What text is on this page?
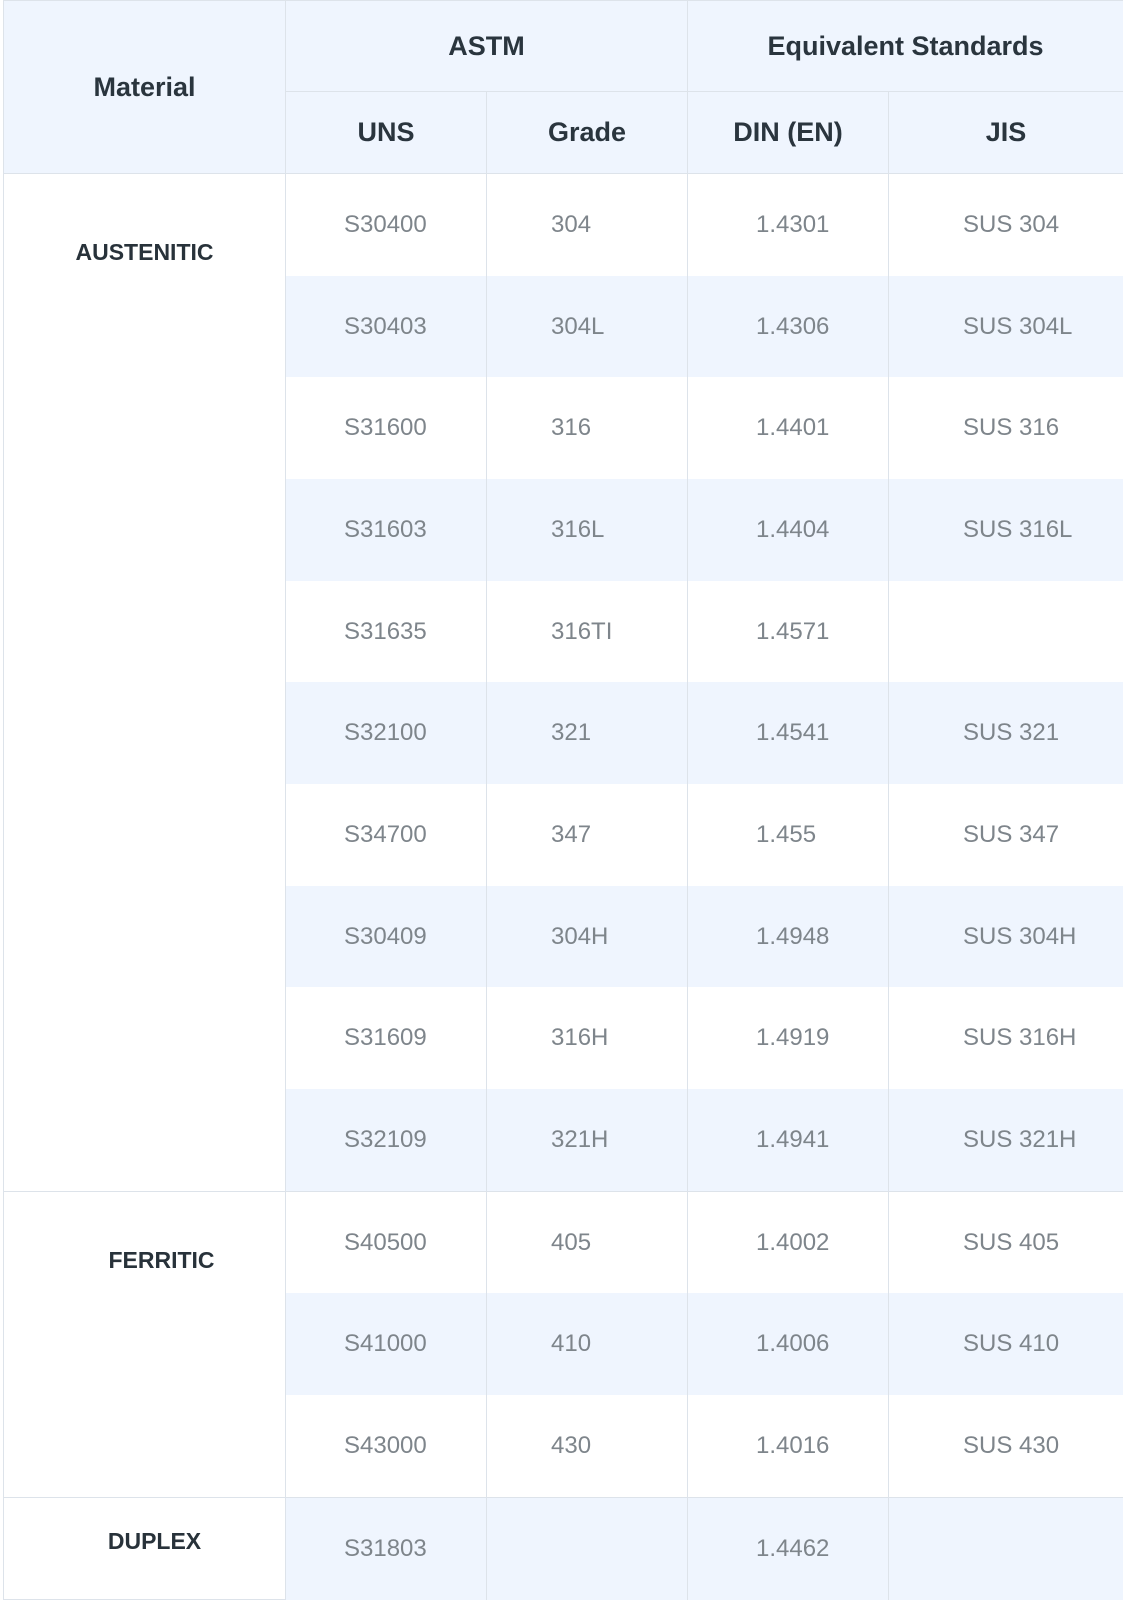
Material	ASTM		Equivalent Standards	
	UNS	Grade	DIN (EN)	JIS

AUSTENITIC	S30400	304	1.4301	SUS 304
	S30403	304L	1.4306	SUS 304L
	S31600	316	1.4401	SUS 316
	S31603	316L	1.4404	SUS 316L
	S31635	316TI	1.4571	
	S32100	321	1.4541	SUS 321
	S34700	347	1.455	SUS 347
	S30409	304H	1.4948	SUS 304H
	S31609	316H	1.4919	SUS 316H
	S32109	321H	1.4941	SUS 321H

FERRITIC	S40500	405	1.4002	SUS 405
	S41000	410	1.4006	SUS 410
	S43000	430	1.4016	SUS 430

DUPLEX	S31803		1.4462	
